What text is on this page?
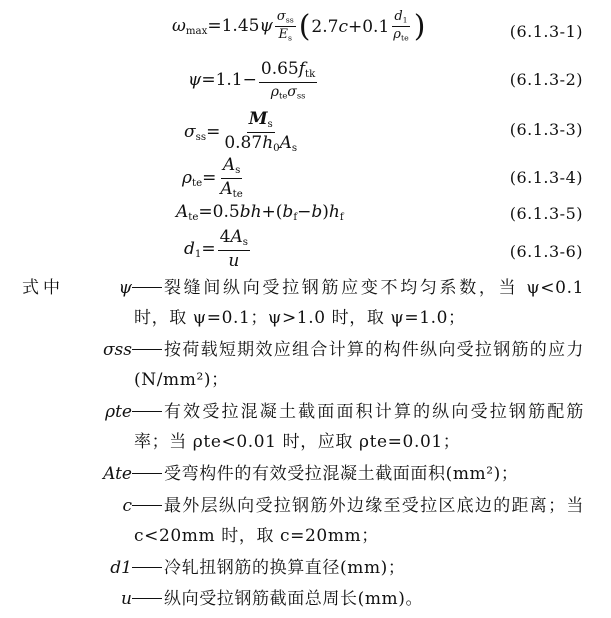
$\omega_{max}=1.45\psi \frac{\sigma_{ss}}{E_s}$ ( $2.7c+0.1 \frac{d_1}{\rho_{te}}$ )	(6.1.3-1)
$\psi=1.1- \frac{0.65f_{tk}}{\rho_{te}\sigma_{ss}}$	(6.1.3-2)
$\sigma_{ss}= \frac{M_s}{0.87h_0A_s}$	(6.1.3-3)
$\rho_{te}= \frac{A_s}{A_{te}}$	(6.1.3-4)
$A_{te}=0.5bh+(b_f-b)h_f$	(6.1.3-5)
$d_1= \frac{4A_s}{u}$	(6.1.3-6)
式中	ψ	裂缝间纵向受拉钢筋应变不均匀系数，当 ψ<0.1 时，取 ψ=0.1；ψ>1.0 时，取 ψ=1.0；
σss	按荷载短期效应组合计算的构件纵向受拉钢筋的应力(N/mm²)；
ρte	有效受拉混凝土截面面积计算的纵向受拉钢筋配筋率；当 ρte<0.01 时，应取 ρte=0.01；
Ate	受弯构件的有效受拉混凝土截面面积(mm²)；
c	最外层纵向受拉钢筋外边缘至受拉区底边的距离；当 c<20mm 时，取 c=20mm；
d1	冷轧扭钢筋的换算直径(mm)；
u	纵向受拉钢筋截面总周长(mm)。
